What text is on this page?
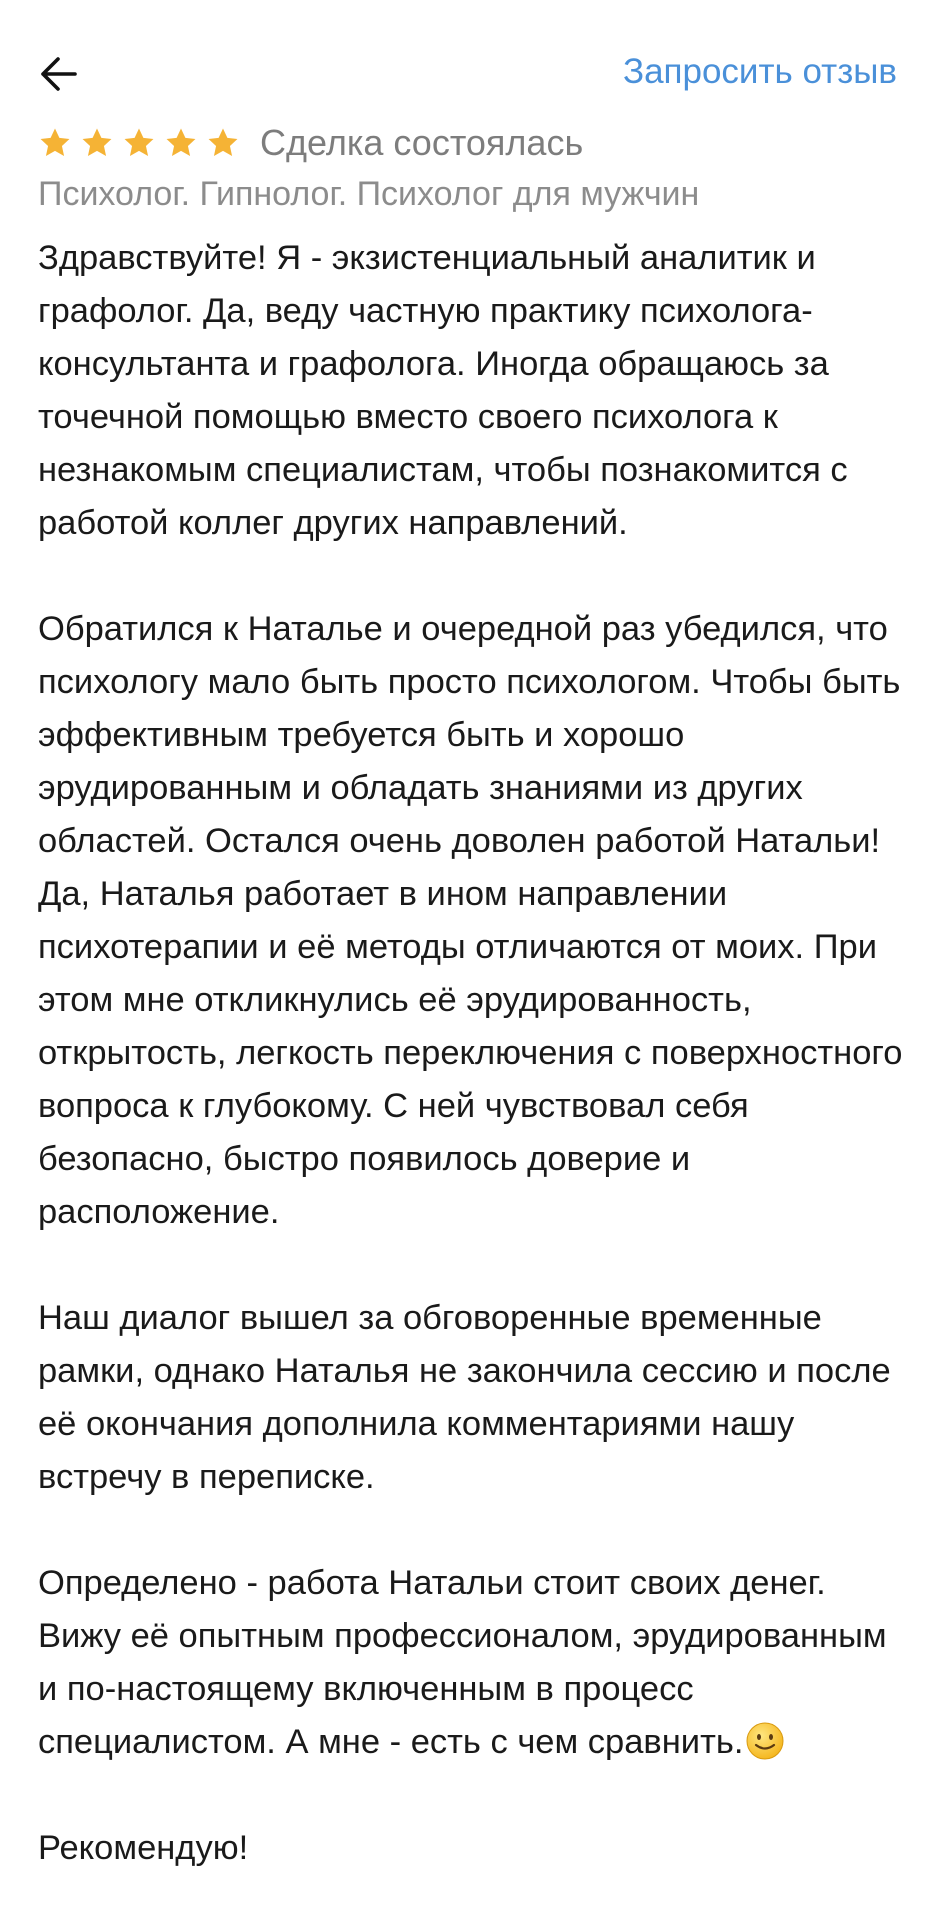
Запросить отзыв
Сделка состоялась
Психолог. Гипнолог. Психолог для мужчин

Здравствуйте! Я - экзистенциальный аналитик и графолог. Да, веду частную практику психолога-консультанта и графолога. Иногда обращаюсь за точечной помощью вместо своего психолога к незнакомым специалистам, чтобы познакомится с работой коллег других направлений.

Обратился к Наталье и очередной раз убедился, что психологу мало быть просто психологом. Чтобы быть эффективным требуется быть и хорошо эрудированным и обладать знаниями из других областей. Остался очень доволен работой Натальи! Да, Наталья работает в ином направлении психотерапии и её методы отличаются от моих. При этом мне откликнулись её эрудированность, открытость, легкость переключения с поверхностного вопроса к глубокому. С ней чувствовал себя безопасно, быстро появилось доверие и расположение.

Наш диалог вышел за обговоренные временные рамки, однако Наталья не закончила сессию и после её окончания дополнила комментариями нашу встречу в переписке.

Определено - работа Натальи стоит своих денег. Вижу её опытным профессионалом, эрудированным и по-настоящему включенным в процесс специалистом. А мне - есть с чем сравнить.

Рекомендую!
